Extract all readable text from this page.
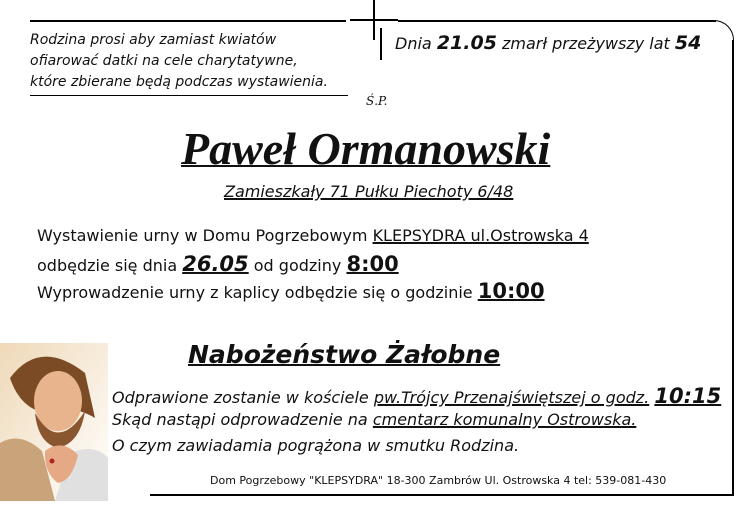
Rodzina prosi aby zamiast kwiatów
ofiarować datki na cele charytatywne,
które zbierane będą podczas wystawienia.
Dnia 21.05 zmarł przeżywszy lat 54
Ś.P.
Paweł Ormanowski
Zamieszkały 71 Pułku Piechoty 6/48
Wystawienie urny w Domu Pogrzebowym KLEPSYDRA ul.Ostrowska 4
odbędzie się dnia 26.05 od godziny 8:00
Wyprowadzenie urny z kaplicy odbędzie się o godzinie 10:00
Nabożeństwo Żałobne
Odprawione zostanie w kościele pw.Trójcy Przenajświętszej o godz. 10:15
Skąd nastąpi odprowadzenie na cmentarz komunalny Ostrowska.
O czym zawiadamia pogrążona w smutku Rodzina.
Dom Pogrzebowy "KLEPSYDRA" 18-300 Zambrów Ul. Ostrowska 4 tel: 539-081-430
